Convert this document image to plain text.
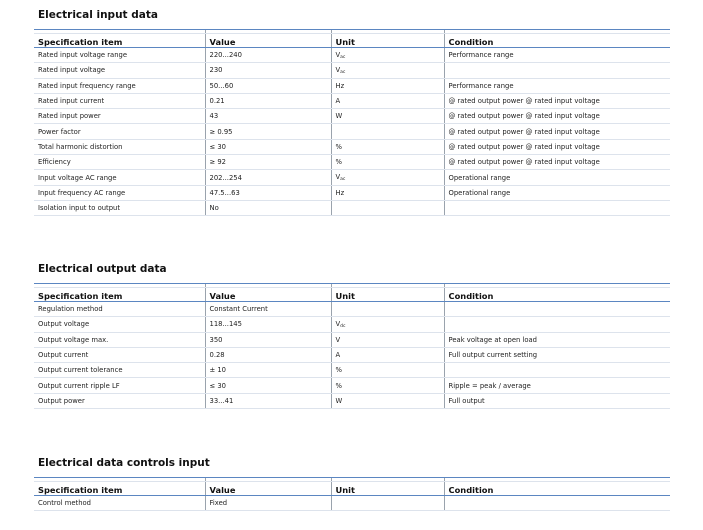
Electrical input data

Specification item	Value	Unit	Condition
Rated input voltage range	220...240	$V_{ac}$	Performance range
Rated input voltage	230	$V_{ac}$	
Rated input frequency range	50...60	Hz	Performance range
Rated input current	0.21	A	@ rated output power @ rated input voltage
Rated input power	43	W	@ rated output power @ rated input voltage
Power factor	≥ 0.95		@ rated output power @ rated input voltage
Total harmonic distortion	≤ 30	%	@ rated output power @ rated input voltage
Efficiency	≥ 92	%	@ rated output power @ rated input voltage
Input voltage AC range	202...254	$V_{ac}$	Operational range
Input frequency AC range	47.5...63	Hz	Operational range
Isolation input to output	No		
Electrical output data

Specification item	Value	Unit	Condition
Regulation method	Constant Current		
Output voltage	118...145	$V_{dc}$	
Output voltage max.	350	V	Peak voltage at open load
Output current	0.28	A	Full output current setting
Output current tolerance	± 10	%	
Output current ripple LF	≤ 30	%	Ripple = peak / average
Output power	33...41	W	Full output
Electrical data controls input

Specification item	Value	Unit	Condition
Control method	Fixed		
